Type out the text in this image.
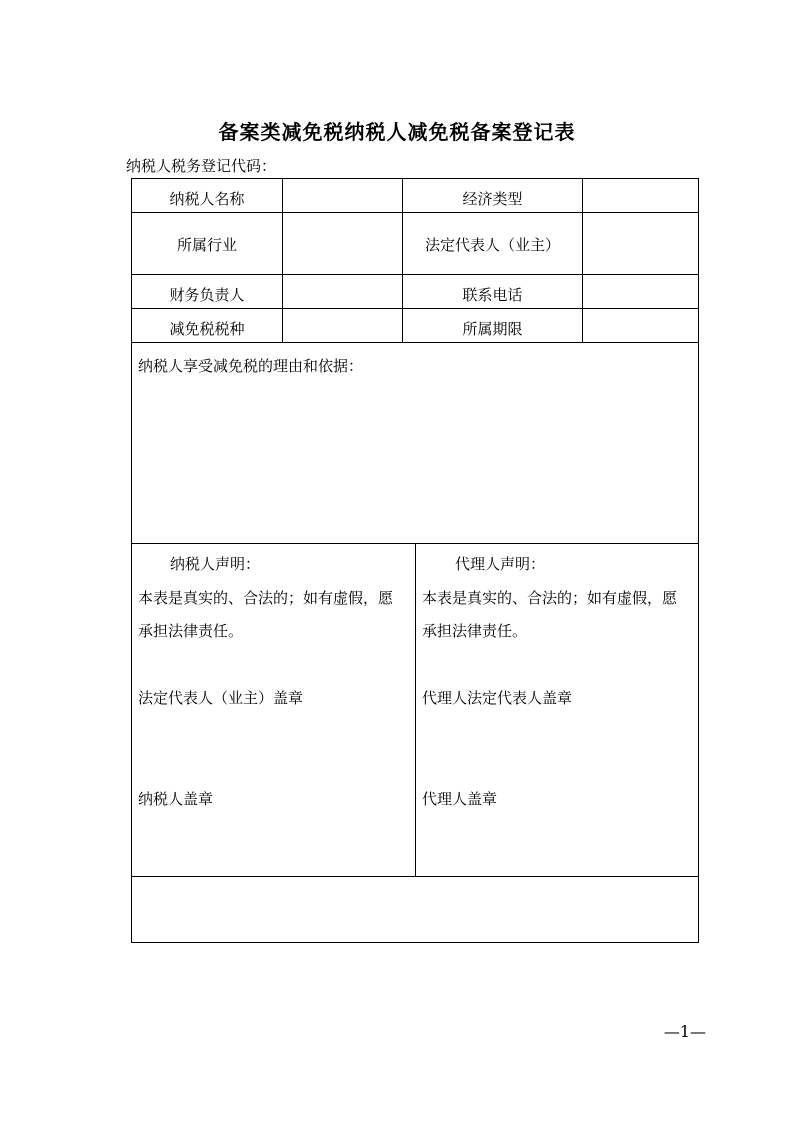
备案类减免税纳税人减免税备案登记表
纳税人税务登记代码：
纳税人名称	经济类型
所属行业	法定代表人（业主）
财务负责人	联系电话
减免税税种	所属期限
纳税人享受减免税的理由和依据：
纳税人声明：
本表是真实的、合法的；如有虚假，愿
承担法律责任。
法定代表人（业主）盖章
纳税人盖章
代理人声明：
本表是真实的、合法的；如有虚假，愿
承担法律责任。
代理人法定代表人盖章
代理人盖章
—1—
